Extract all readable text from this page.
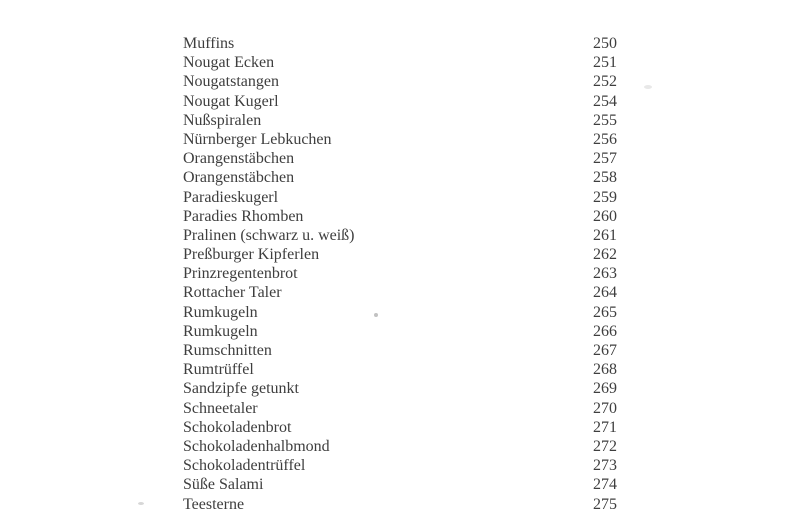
Muffins	250
Nougat Ecken	251
Nougatstangen	252
Nougat Kugerl	254
Nußspiralen	255
Nürnberger Lebkuchen	256
Orangenstäbchen	257
Orangenstäbchen	258
Paradieskugerl	259
Paradies Rhomben	260
Pralinen (schwarz u. weiß)	261
Preßburger Kipferlen	262
Prinzregentenbrot	263
Rottacher Taler	264
Rumkugeln	265
Rumkugeln	266
Rumschnitten	267
Rumtrüffel	268
Sandzipfe getunkt	269
Schneetaler	270
Schokoladenbrot	271
Schokoladenhalbmond	272
Schokoladentrüffel	273
Süße Salami	274
Teesterne	275
